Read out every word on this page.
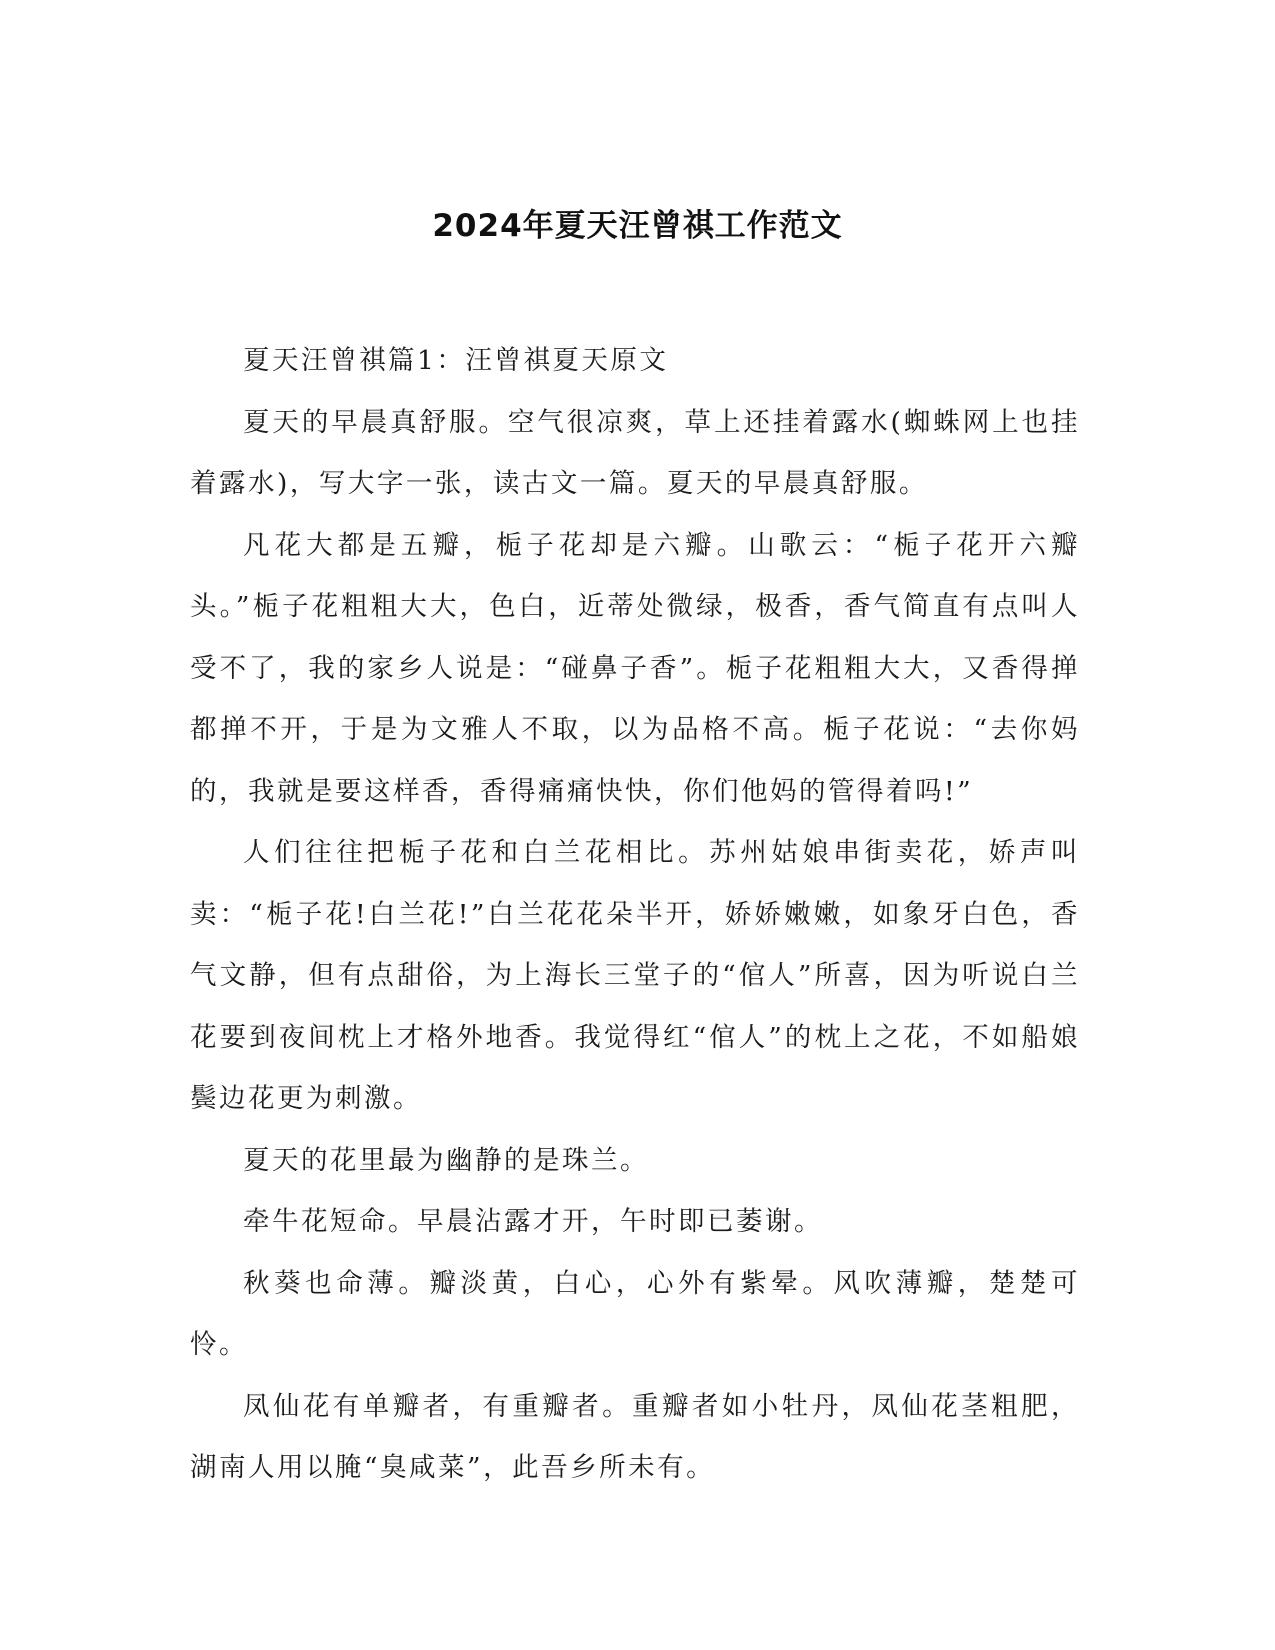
2024年夏天汪曾祺工作范文

夏天汪曾祺篇1：汪曾祺夏天原文

夏天的早晨真舒服。空气很凉爽，草上还挂着露水(蜘蛛网上也挂着露水)，写大字一张，读古文一篇。夏天的早晨真舒服。

凡花大都是五瓣，栀子花却是六瓣。山歌云：“栀子花开六瓣头。”栀子花粗粗大大，色白，近蒂处微绿，极香，香气简直有点叫人受不了，我的家乡人说是：“碰鼻子香”。栀子花粗粗大大，又香得掸都掸不开，于是为文雅人不取，以为品格不高。栀子花说：“去你妈的，我就是要这样香，香得痛痛快快，你们他妈的管得着吗!”

人们往往把栀子花和白兰花相比。苏州姑娘串街卖花，娇声叫卖：“栀子花!白兰花!”白兰花花朵半开，娇娇嫩嫩，如象牙白色，香气文静，但有点甜俗，为上海长三堂子的“倌人”所喜，因为听说白兰花要到夜间枕上才格外地香。我觉得红“倌人”的枕上之花，不如船娘鬓边花更为刺激。

夏天的花里最为幽静的是珠兰。

牵牛花短命。早晨沾露才开，午时即已萎谢。

秋葵也命薄。瓣淡黄，白心，心外有紫晕。风吹薄瓣，楚楚可怜。

凤仙花有单瓣者，有重瓣者。重瓣者如小牡丹，凤仙花茎粗肥，湖南人用以腌“臭咸菜”，此吾乡所未有。
